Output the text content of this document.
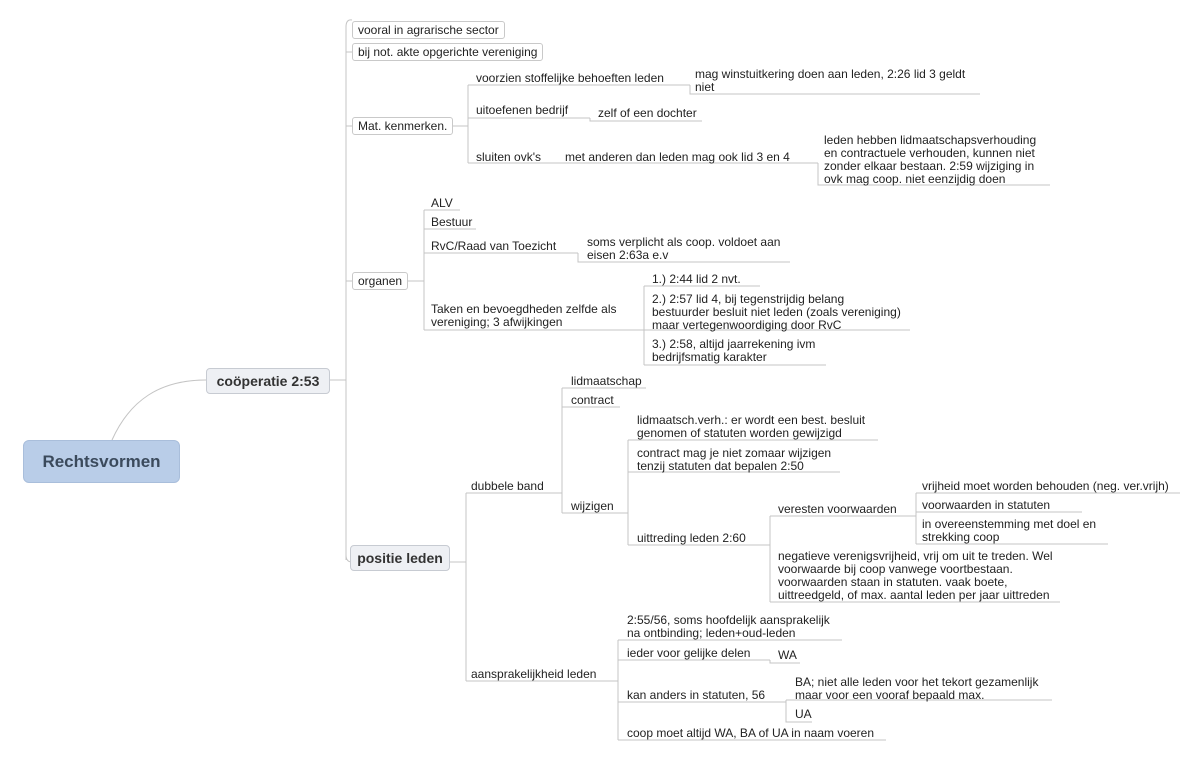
Rechtsvormen
coöperatie 2:53
positie leden
vooral in agrarische sector
bij not. akte opgerichte vereniging
Mat. kenmerken.
organen
voorzien stoffelijke behoeften leden	mag winstuitkering doen aan leden, 2:26 lid 3 geldt
niet
uitoefenen bedrijf zelf of een dochter
sluiten ovk's met anderen dan leden mag ook lid 3 en 4
leden hebben lidmaatschapsverhouding
en contractuele verhouden, kunnen niet
zonder elkaar bestaan. 2:59 wijziging in
ovk mag coop. niet eenzijdig doen
ALV
Bestuur
RvC/Raad van Toezicht	soms verplicht als coop. voldoet aan
eisen 2:63a e.v
Taken en bevoegdheden zelfde als
vereniging; 3 afwijkingen
1.) 2:44 lid 2 nvt.
2.) 2:57 lid 4, bij tegenstrijdig belang
bestuurder besluit niet leden (zoals vereniging)
maar vertegenwoordiging door RvC
3.) 2:58, altijd jaarrekening ivm
bedrijfsmatig karakter
dubbele band
lidmaatschap
contract
wijzigen
lidmaatsch.verh.: er wordt een best. besluit
genomen of statuten worden gewijzigd
contract mag je niet zomaar wijzigen
tenzij statuten dat bepalen 2:50
uittreding leden 2:60
veresten voorwaarden
vrijheid moet worden behouden (neg. ver.vrijh)
voorwaarden in statuten
in overeenstemming met doel en
strekking coop
negatieve verenigsvrijheid, vrij om uit te treden. Wel
voorwaarde bij coop vanwege voortbestaan.
voorwaarden staan in statuten. vaak boete,
uittreedgeld, of max. aantal leden per jaar uittreden
aansprakelijkheid leden
2:55/56, soms hoofdelijk aansprakelijk
na ontbinding; leden+oud-leden
ieder voor gelijke delen WA
kan anders in statuten, 56
BA; niet alle leden voor het tekort gezamenlijk
maar voor een vooraf bepaald max.
UA
coop moet altijd WA, BA of UA in naam voeren
